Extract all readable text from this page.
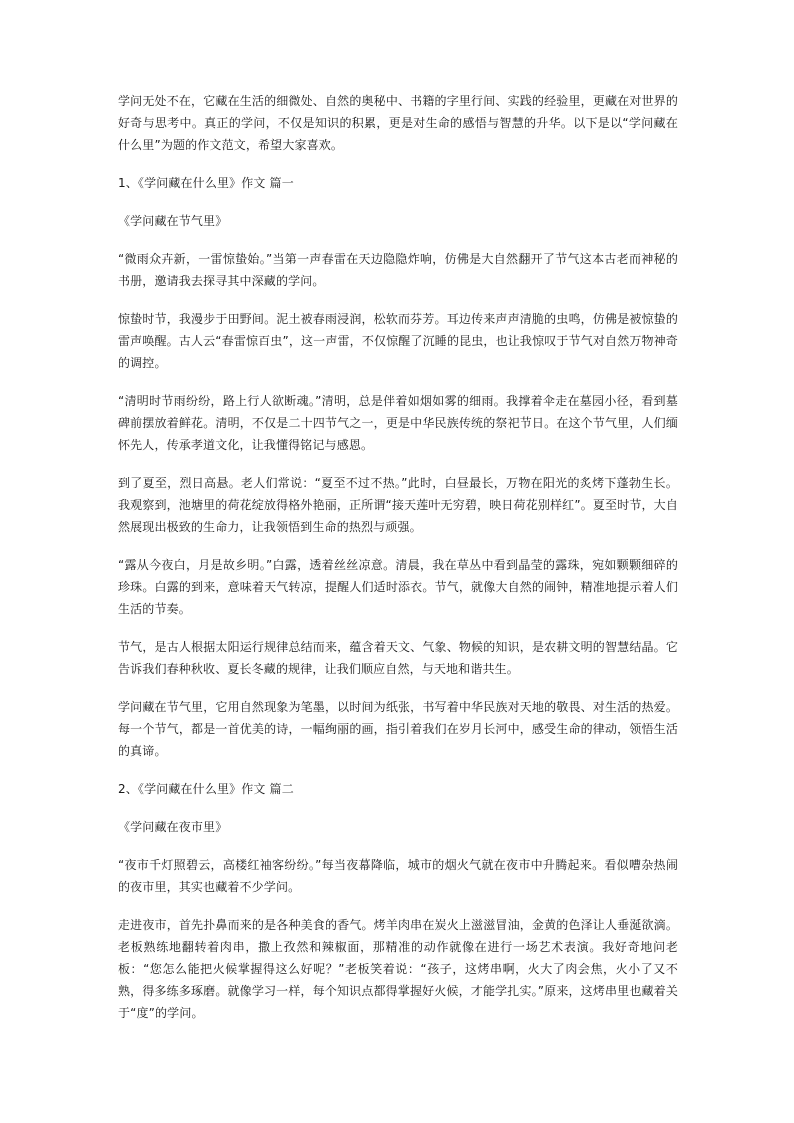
学问无处不在，它藏在生活的细微处、自然的奥秘中、书籍的字里行间、实践的经验里，更藏在对世界的好奇与思考中。真正的学问，不仅是知识的积累，更是对生命的感悟与智慧的升华。以下是以“学问藏在什么里”为题的作文范文，希望大家喜欢。

1、《学问藏在什么里》作文 篇一

《学问藏在节气里》

“微雨众卉新，一雷惊蛰始。”当第一声春雷在天边隐隐炸响，仿佛是大自然翻开了节气这本古老而神秘的书册，邀请我去探寻其中深藏的学问。

惊蛰时节，我漫步于田野间。泥土被春雨浸润，松软而芬芳。耳边传来声声清脆的虫鸣，仿佛是被惊蛰的雷声唤醒。古人云“春雷惊百虫”，这一声雷，不仅惊醒了沉睡的昆虫，也让我惊叹于节气对自然万物神奇的调控。

“清明时节雨纷纷，路上行人欲断魂。”清明，总是伴着如烟如雾的细雨。我撑着伞走在墓园小径，看到墓碑前摆放着鲜花。清明，不仅是二十四节气之一，更是中华民族传统的祭祀节日。在这个节气里，人们缅怀先人，传承孝道文化，让我懂得铭记与感恩。

到了夏至，烈日高悬。老人们常说：“夏至不过不热。”此时，白昼最长，万物在阳光的炙烤下蓬勃生长。我观察到，池塘里的荷花绽放得格外艳丽，正所谓“接天莲叶无穷碧，映日荷花别样红”。夏至时节，大自然展现出极致的生命力，让我领悟到生命的热烈与顽强。

“露从今夜白，月是故乡明。”白露，透着丝丝凉意。清晨，我在草丛中看到晶莹的露珠，宛如颗颗细碎的珍珠。白露的到来，意味着天气转凉，提醒人们适时添衣。节气，就像大自然的闹钟，精准地提示着人们生活的节奏。

节气，是古人根据太阳运行规律总结而来，蕴含着天文、气象、物候的知识，是农耕文明的智慧结晶。它告诉我们春种秋收、夏长冬藏的规律，让我们顺应自然，与天地和谐共生。

学问藏在节气里，它用自然现象为笔墨，以时间为纸张，书写着中华民族对天地的敬畏、对生活的热爱。每一个节气，都是一首优美的诗，一幅绚丽的画，指引着我们在岁月长河中，感受生命的律动，领悟生活的真谛。

2、《学问藏在什么里》作文 篇二

《学问藏在夜市里》

“夜市千灯照碧云，高楼红袖客纷纷。”每当夜幕降临，城市的烟火气就在夜市中升腾起来。看似嘈杂热闹的夜市里，其实也藏着不少学问。

走进夜市，首先扑鼻而来的是各种美食的香气。烤羊肉串在炭火上滋滋冒油，金黄的色泽让人垂涎欲滴。老板熟练地翻转着肉串，撒上孜然和辣椒面，那精准的动作就像在进行一场艺术表演。我好奇地问老板：“您怎么能把火候掌握得这么好呢？”老板笑着说：“孩子，这烤串啊，火大了肉会焦，火小了又不熟，得多练多琢磨。就像学习一样，每个知识点都得掌握好火候，才能学扎实。”原来，这烤串里也藏着关于“度”的学问。
